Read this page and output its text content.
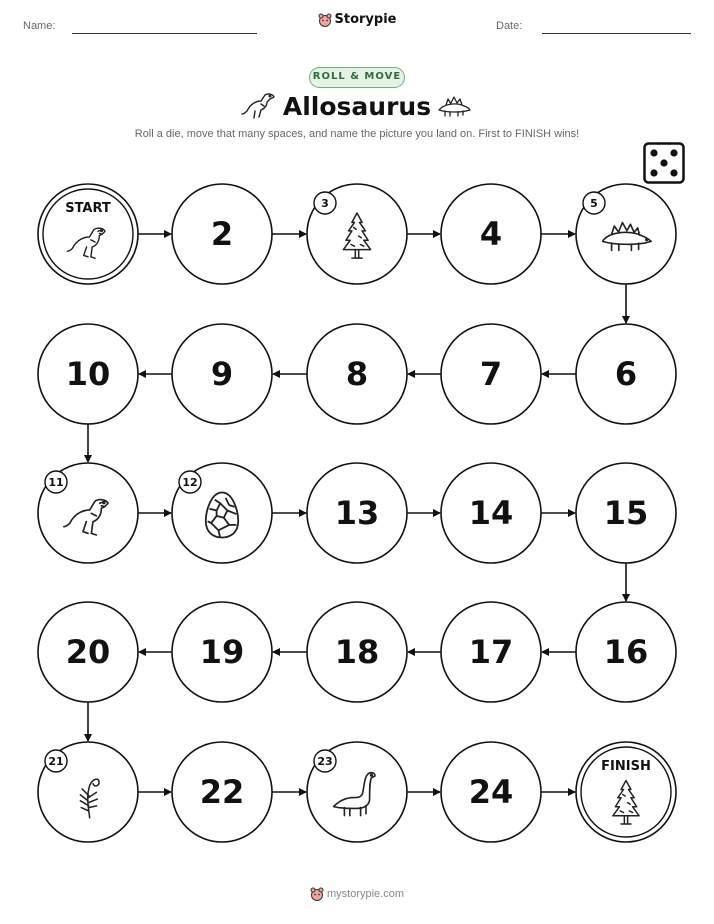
Name:	Storypie	Date:
ROLL & MOVE
Allosaurus
Roll a die, move that many spaces, and name the picture you land on. First to FINISH wins!
START
2
3
4
5
6
7
8
9
10
11	12
13	14	15
16
17
18
19
20
21
22
23
24
FINISH
mystorypie.com
